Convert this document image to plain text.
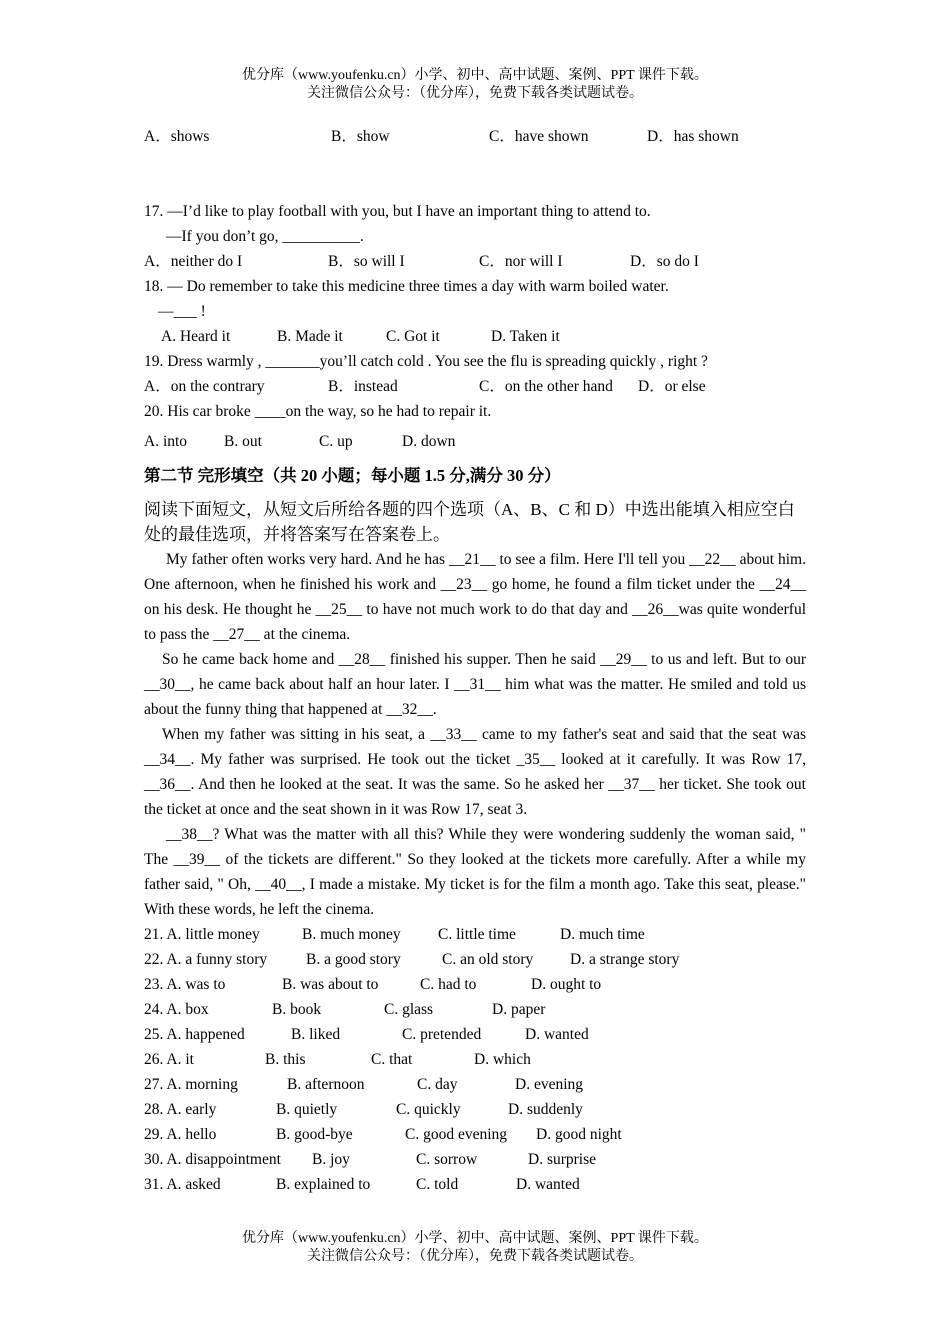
优分库（www.youfenku.cn）小学、初中、高中试题、案例、PPT 课件下载。
关注微信公众号：（优分库），免费下载各类试题试卷。
A．shows	B．show	C．have shown	D．has shown
17. —I’d like to play football with you, but I have an important thing to attend to.
—If you don’t go, __________.
A．neither do I	B．so will I	C．nor will I	D．so do I
18. — Do remember to take this medicine three times a day with warm boiled water.
—___ !
A. Heard it	B. Made it	C. Got it	D. Taken it
19. Dress warmly , _______you’ll catch cold . You see the flu is spreading quickly , right ?
A．on the contrary	B．instead	C．on the other hand D．or else
20. His car broke ____on the way, so he had to repair it.
A. into B. out	C. up	D. down
第二节 完形填空（共 20 小题；每小题 1.5 分,满分 30 分）
阅读下面短文，从短文后所给各题的四个选项（A、B、C 和 D）中选出能填入相应空白处的最佳选项，并将答案写在答案卷上。
My father often works very hard. And he has __21__ to see a film. Here I'll tell you __22__ about him. One afternoon, when he finished his work and __23__ go home, he found a film ticket under the __24__ on his desk. He thought he __25__ to have not much work to do that day and __26__was quite wonderful to pass the __27__ at the cinema.
So he came back home and __28__ finished his supper. Then he said __29__ to us and left. But to our __30__, he came back about half an hour later. I __31__ him what was the matter. He smiled and told us about the funny thing that happened at __32__.
When my father was sitting in his seat, a __33__ came to my father's seat and said that the seat was __34__. My father was surprised. He took out the ticket _35__ looked at it carefully. It was Row 17, __36__. And then he looked at the seat. It was the same. So he asked her __37__ her ticket. She took out the ticket at once and the seat shown in it was Row 17, seat 3.
__38__? What was the matter with all this? While they were wondering suddenly the woman said, " The __39__ of the tickets are different." So they looked at the tickets more carefully. After a while my father said, " Oh, __40__, I made a mistake. My ticket is for the film a month ago. Take this seat, please." With these words, he left the cinema.
21. A. little money	B. much money C. little time	D. much time
22. A. a funny story	B. a good story	C. an old story D. a strange story
23. A. was to	B. was about to	C. had to	D. ought to
24. A. box	B. book	C. glass	D. paper
25. A. happened	B. liked	C. pretended	D. wanted
26. A. it	B. this	C. that	D. which
27. A. morning	B. afternoon	C. day	D. evening
28. A. early	B. quietly	C. quickly	D. suddenly
29. A. hello	B. good-bye	C. good evening D. good night
30. A. disappointment B. joy	C. sorrow	D. surprise
31. A. asked	B. explained to	C. told	D. wanted
优分库（www.youfenku.cn）小学、初中、高中试题、案例、PPT 课件下载。
关注微信公众号：（优分库），免费下载各类试题试卷。
